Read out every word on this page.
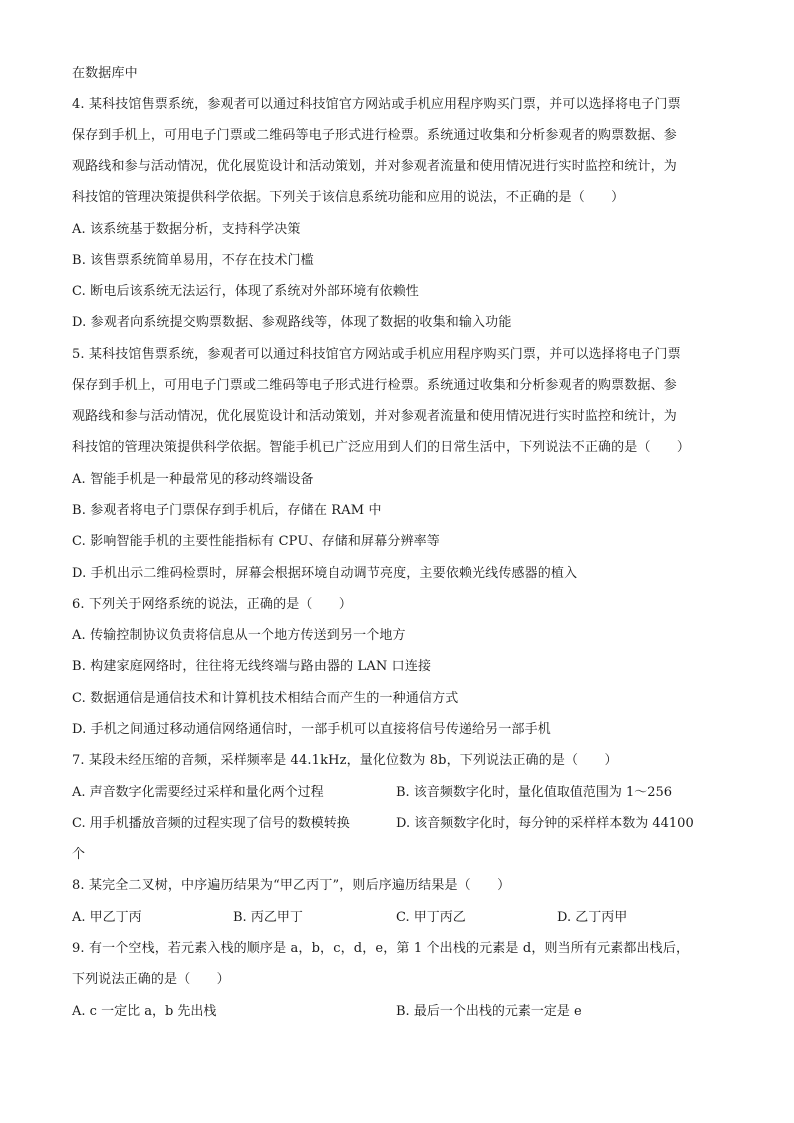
在数据库中
4. 某科技馆售票系统，参观者可以通过科技馆官方网站或手机应用程序购买门票，并可以选择将电子门票
保存到手机上，可用电子门票或二维码等电子形式进行检票。系统通过收集和分析参观者的购票数据、参
观路线和参与活动情况，优化展览设计和活动策划，并对参观者流量和使用情况进行实时监控和统计，为
科技馆的管理决策提供科学依据。下列关于该信息系统功能和应用的说法，不正确的是（　　）
A. 该系统基于数据分析，支持科学决策
B. 该售票系统简单易用，不存在技术门槛
C. 断电后该系统无法运行，体现了系统对外部环境有依赖性
D. 参观者向系统提交购票数据、参观路线等，体现了数据的收集和输入功能
5. 某科技馆售票系统，参观者可以通过科技馆官方网站或手机应用程序购买门票，并可以选择将电子门票
保存到手机上，可用电子门票或二维码等电子形式进行检票。系统通过收集和分析参观者的购票数据、参
观路线和参与活动情况，优化展览设计和活动策划，并对参观者流量和使用情况进行实时监控和统计，为
科技馆的管理决策提供科学依据。智能手机已广泛应用到人们的日常生活中，下列说法不正确的是（　　）
A. 智能手机是一种最常见的移动终端设备
B. 参观者将电子门票保存到手机后，存储在 RAM 中
C. 影响智能手机的主要性能指标有 CPU、存储和屏幕分辨率等
D. 手机出示二维码检票时，屏幕会根据环境自动调节亮度，主要依赖光线传感器的植入
6. 下列关于网络系统的说法，正确的是（　　）
A. 传输控制协议负责将信息从一个地方传送到另一个地方
B. 构建家庭网络时，往往将无线终端与路由器的 LAN 口连接
C. 数据通信是通信技术和计算机技术相结合而产生的一种通信方式
D. 手机之间通过移动通信网络通信时，一部手机可以直接将信号传递给另一部手机
7. 某段未经压缩的音频，采样频率是 44.1kHz，量化位数为 8b，下列说法正确的是（　　）
A. 声音数字化需要经过采样和量化两个过程	B. 该音频数字化时，量化值取值范围为 1～256
C. 用手机播放音频的过程实现了信号的数模转换	D. 该音频数字化时，每分钟的采样样本数为 44100
个
8. 某完全二叉树，中序遍历结果为“甲乙丙丁”，则后序遍历结果是（　　）
A. 甲乙丁丙	B. 丙乙甲丁	C. 甲丁丙乙	D. 乙丁丙甲
9. 有一个空栈，若元素入栈的顺序是 a，b，c，d，e，第 1 个出栈的元素是 d，则当所有元素都出栈后，
下列说法正确的是（　　）
A. c 一定比 a，b 先出栈	B. 最后一个出栈的元素一定是 e
